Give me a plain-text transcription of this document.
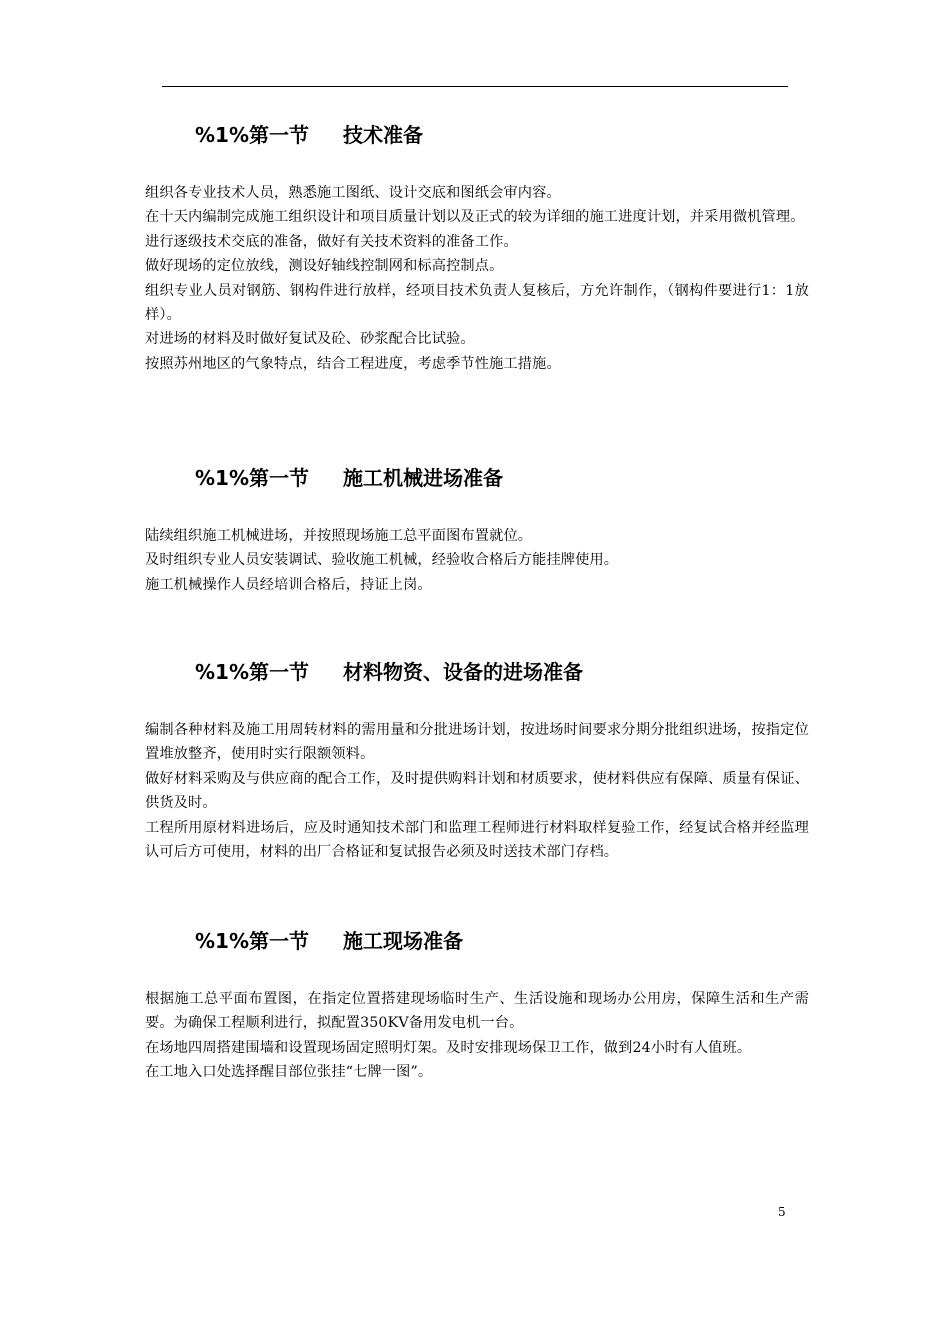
%1%第一节 技术准备

组织各专业技术人员，熟悉施工图纸、设计交底和图纸会审内容。

在十天内编制完成施工组织设计和项目质量计划以及正式的较为详细的施工进度计划，并采用微机管理。

进行逐级技术交底的准备，做好有关技术资料的准备工作。

做好现场的定位放线，测设好轴线控制网和标高控制点。

组织专业人员对钢筋、钢构件进行放样，经项目技术负责人复核后，方允许制作，（钢构件要进行1：1放样）。

对进场的材料及时做好复试及砼、砂浆配合比试验。

按照苏州地区的气象特点，结合工程进度，考虑季节性施工措施。

%1%第一节 施工机械进场准备

陆续组织施工机械进场，并按照现场施工总平面图布置就位。

及时组织专业人员安装调试、验收施工机械，经验收合格后方能挂牌使用。

施工机械操作人员经培训合格后，持证上岗。

%1%第一节 材料物资、设备的进场准备

编制各种材料及施工用周转材料的需用量和分批进场计划，按进场时间要求分期分批组织进场，按指定位置堆放整齐，使用时实行限额领料。

做好材料采购及与供应商的配合工作，及时提供购料计划和材质要求，使材料供应有保障、质量有保证、供货及时。

工程所用原材料进场后，应及时通知技术部门和监理工程师进行材料取样复验工作，经复试合格并经监理认可后方可使用，材料的出厂合格证和复试报告必须及时送技术部门存档。

%1%第一节 施工现场准备

根据施工总平面布置图，在指定位置搭建现场临时生产、生活设施和现场办公用房，保障生活和生产需要。为确保工程顺利进行，拟配置350KV备用发电机一台。

在场地四周搭建围墙和设置现场固定照明灯架。及时安排现场保卫工作，做到24小时有人值班。

在工地入口处选择醒目部位张挂“七牌一图”。

5
